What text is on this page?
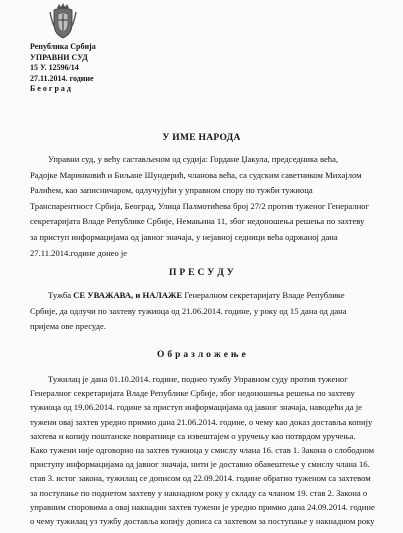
Република Србија
УПРАВНИ СУД
15 У. 12596/14
27.11.2014. године
Б е о г р а д
У ИМЕ НАРОДА
Управни суд, у већу састављеном од судија: Гордане Џакула, председника већа,
Радојке Маринковић и Биљане Шундерић, чланова већа, са судским саветником Михајлом
Ралићем, као записничаром, одлучујући у управном спору по тужби тужиоца
Транспарентност Србија, Београд, Улица Палмотићева број 27/2 против туженог Генералног
секретаријата Владе Републике Србије, Немањина 11, због недоношења решења по захтеву
за приступ информацијама од јавног значаја, у нејавној седници већа одржаној дана
27.11.2014.године донео је
П Р Е С У Д У
Тужба СЕ УВАЖАВА, и НАЛАЖЕ Генералном секретаријату Владе Републике
Србије, да одлучи по захтеву тужиоца од 21.06.2014. године, у року од 15 дана од дана
пријема ове пресуде.
О б р а з л о ж е њ е
Тужилац је дана 01.10.2014. године, поднео тужбу Управном суду против туженог
Генералног секретаријата Владе Републике Србије, због недоношења решења по захтеву
тужиоца од 19.06.2014. године за приступ информацијама од јавног значаја, наводећи да је
тужени овај захтев уредно примио дана 21.06.2014. године, о чему као доказ доставља копију
захтева и копију поштанске повратнице са извештајем о уручењу као потврдом уручења.
Како тужени није одговорио на захтев тужиоца у смислу члана 16. став 1. Закона о слободном
приступу информацијама од јавног значаја, нити је доставио обавештење у смислу члана 16.
став 3. истог закона, тужилац се дописом од 22.09.2014. године обратио туженом са захтевом
за поступање по поднетом захтеву у накнадном року у складу са чланом 19. став 2. Закона о
управним споровима а овај накнадни захтев тужени је уредно примио дана 24.09.2014. године
о чему тужилац уз тужбу доставља копију дописа са захтевом за поступање у накнадном року
